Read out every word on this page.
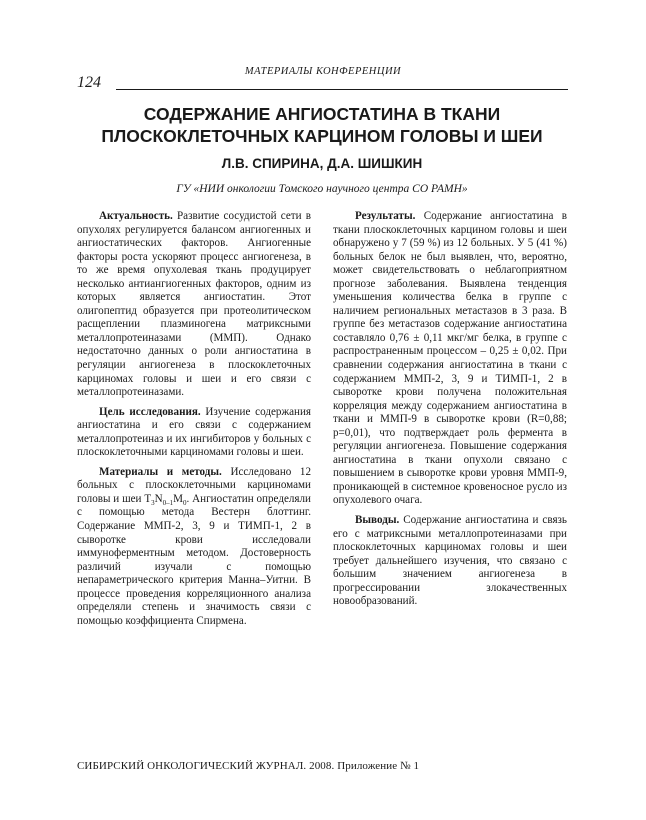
МАТЕРИАЛЫ КОНФЕРЕНЦИИ
124
СОДЕРЖАНИЕ АНГИОСТАТИНА В ТКАНИ
ПЛОСКОКЛЕТОЧНЫХ КАРЦИНОМ ГОЛОВЫ И ШЕИ
Л.В. СПИРИНА, Д.А. ШИШКИН
ГУ «НИИ онкологии Томского научного центра СО РАМН»

Актуальность. Развитие сосудистой сети в опухолях регулируется балансом ангиогенных и ангиостатических факторов. Ангиогенные факторы роста ускоряют процесс ангиогенеза, в то же время опухолевая ткань продуцирует несколько антиангиогенных факторов, одним из которых является ангиостатин. Этот олигопептид образуется при протеолитическом расщеплении плазминогена матриксными металлопротеиназами (ММП). Однако недостаточно данных о роли ангиостатина в регуляции ангиогенеза в плоскоклеточных карциномах головы и шеи и его связи с металлопротеиназами.

Цель исследования. Изучение содержания ангиостатина и его связи с содержанием металлопротеиназ и их ингибиторов у больных с плоскоклеточными карциномами головы и шеи.

Материалы и методы. Исследовано 12 больных с плоскоклеточными карциномами головы и шеи $T_3N_{0-1}M_0$. Ангиостатин определяли с помощью метода Вестерн блоттинг. Содержание ММП-2, 3, 9 и ТИМП-1, 2 в сыворотке крови исследовали иммуноферментным методом. Достоверность различий изучали с помощью непараметрического критерия Манна–Уитни. В процессе проведения корреляционного анализа определяли степень и значимость связи с помощью коэффициента Спирмена.

Результаты. Содержание ангиостатина в ткани плоскоклеточных карцином головы и шеи обнаружено у 7 (59 %) из 12 больных. У 5 (41 %) больных белок не был выявлен, что, вероятно, может свидетельствовать о неблагоприятном прогнозе заболевания. Выявлена тенденция уменьшения количества белка в группе с наличием региональных метастазов в 3 раза. В группе без метастазов содержание ангиостатина составляло 0,76 ± 0,11 мкг/мг белка, в группе с распространенным процессом – 0,25 ± 0,02. При сравнении содержания ангиостатина в ткани с содержанием ММП-2, 3, 9 и ТИМП-1, 2 в сыворотке крови получена положительная корреляция между содержанием ангиостатина в ткани и ММП-9 в сыворотке крови (R=0,88; p=0,01), что подтверждает роль фермента в регуляции ангиогенеза. Повышение содержания ангиостатина в ткани опухоли связано с повышением в сыворотке крови уровня ММП-9, проникающей в системное кровеносное русло из опухолевого очага.

Выводы. Содержание ангиостатина и связь его с матриксными металлопротеиназами при плоскоклеточных карциномах головы и шеи требует дальнейшего изучения, что связано с большим значением ангиогенеза в прогрессировании злокачественных новообразований.

СИБИРСКИЙ ОНКОЛОГИЧЕСКИЙ ЖУРНАЛ. 2008. Приложение № 1
